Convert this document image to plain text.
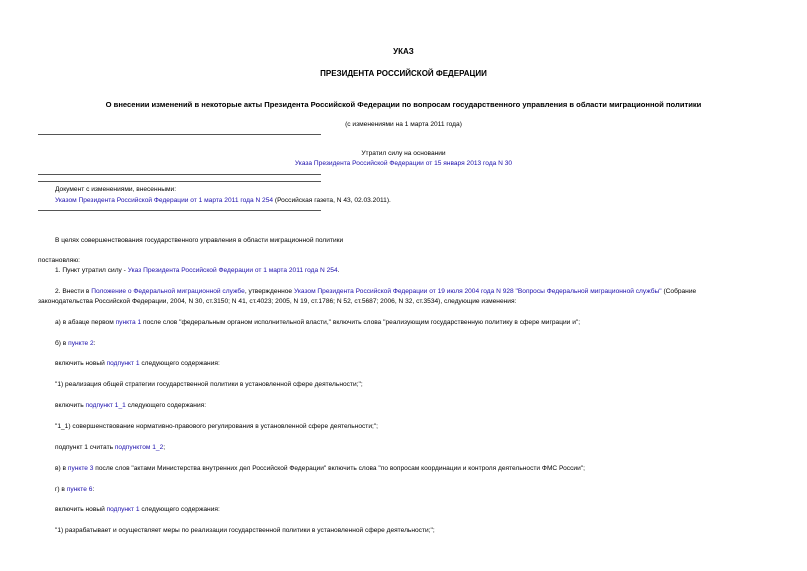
УКАЗ
ПРЕЗИДЕНТА РОССИЙСКОЙ ФЕДЕРАЦИИ
О внесении изменений в некоторые акты Президента Российской Федерации по вопросам государственного управления в области миграционной политики
(с изменениями на 1 марта 2011 года)
Утратил силу на основании
Указа Президента Российской Федерации от 15 января 2013 года N 30
Документ с изменениями, внесенными:
Указом Президента Российской Федерации от 1 марта 2011 года N 254 (Российская газета, N 43, 02.03.2011).
В целях совершенствования государственного управления в области миграционной политики
постановляю:
1. Пункт утратил силу - Указ Президента Российской Федерации от 1 марта 2011 года N 254.
2. Внести в Положение о Федеральной миграционной службе, утвержденное Указом Президента Российской Федерации от 19 июля 2004 года N 928 "Вопросы Федеральной миграционной службы" (Собрание
законодательства Российской Федерации, 2004, N 30, ст.3150; N 41, ст.4023; 2005, N 19, ст.1786; N 52, ст.5687; 2006, N 32, ст.3534), следующие изменения:
а) в абзаце первом пункта 1 после слов "федеральным органом исполнительной власти," включить слова "реализующим государственную политику в сфере миграции и";
б) в пункте 2:
включить новый подпункт 1 следующего содержания:
"1) реализация общей стратегии государственной политики в установленной сфере деятельности;";
включить подпункт 1_1 следующего содержания:
"1_1) совершенствование нормативно-правового регулирования в установленной сфере деятельности;";
подпункт 1 считать подпунктом 1_2;
в) в пункте 3 после слов "актами Министерства внутренних дел Российской Федерации" включить слова "по вопросам координации и контроля деятельности ФМС России";
г) в пункте 6:
включить новый подпункт 1 следующего содержания:
"1) разрабатывает и осуществляет меры по реализации государственной политики в установленной сфере деятельности;";
